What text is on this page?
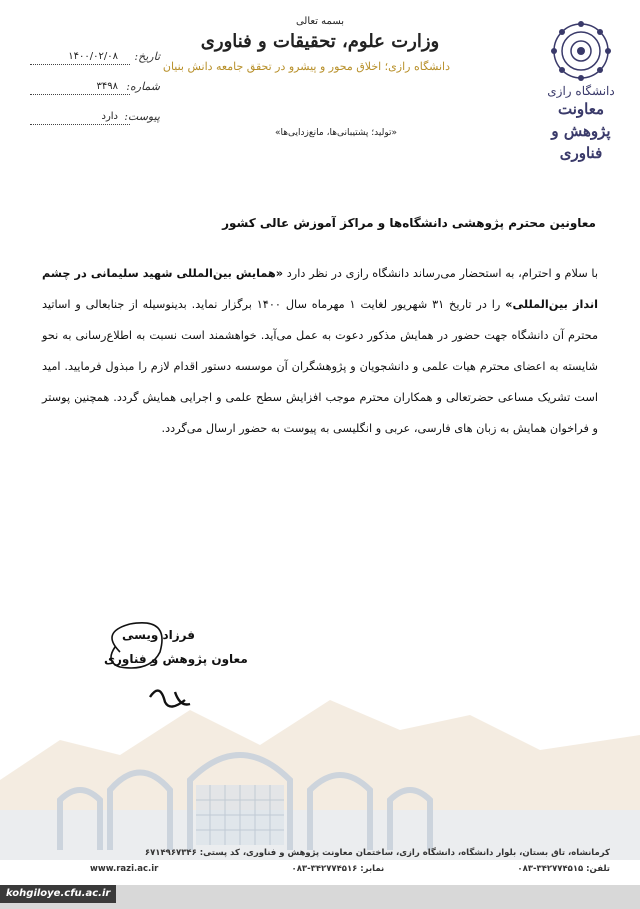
دانشگاه رازی
معاونت
پژوهش و فناوری
بسمه تعالی
وزارت علوم، تحقیقات و فناوری
دانشگاه رازی؛ اخلاق محور و پیشرو در تحقق جامعه دانش بنیان
«تولید؛ پشتیبانی‌ها، مانع‌زدایی‌ها»
تاریخ:
۱۴۰۰/۰۲/۰۸
شماره:
۳۴۹۸
پیوست:
دارد
معاونین محترم پژوهشی دانشگاه‌ها و مراکز آموزش عالی کشور

با سلام و احترام، به استحضار می‌رساند دانشگاه رازی در نظر دارد «همایش بین‌المللی شهید سلیمانی در چشم انداز بین‌المللی» را در تاریخ ۳۱ شهریور لغایت ۱ مهرماه سال ۱۴۰۰ برگزار نماید. بدینوسیله از جنابعالی و اساتید محترم آن دانشگاه جهت حضور در همایش مذکور دعوت به عمل می‌آید. خواهشمند است نسبت به اطلاع‌رسانی به نحو شایسته به اعضای محترم هیات علمی و دانشجویان و پژوهشگران آن موسسه دستور اقدام لازم را مبذول فرمایید. امید است تشریک مساعی حضرتعالی و همکاران محترم موجب افزایش سطح علمی و اجرایی همایش گردد. همچنین پوستر و فراخوان همایش به زبان های فارسی، عربی و انگلیسی به پیوست به حضور ارسال می‌گردد.

فرزاد ویسی
معاون پژوهش و فناوری
کرمانشاه، تاق بستان، بلوار دانشگاه، دانشگاه رازی، ساختمان معاونت پژوهش و فناوری، کد پستی: ۶۷۱۴۹۶۷۳۴۶
تلفن: ۳۴۲۷۷۴۵۱۵-۰۸۳
نمابر: ۳۴۲۷۷۴۵۱۶-۰۸۳
www.razi.ac.ir
kohgiloye.cfu.ac.ir
